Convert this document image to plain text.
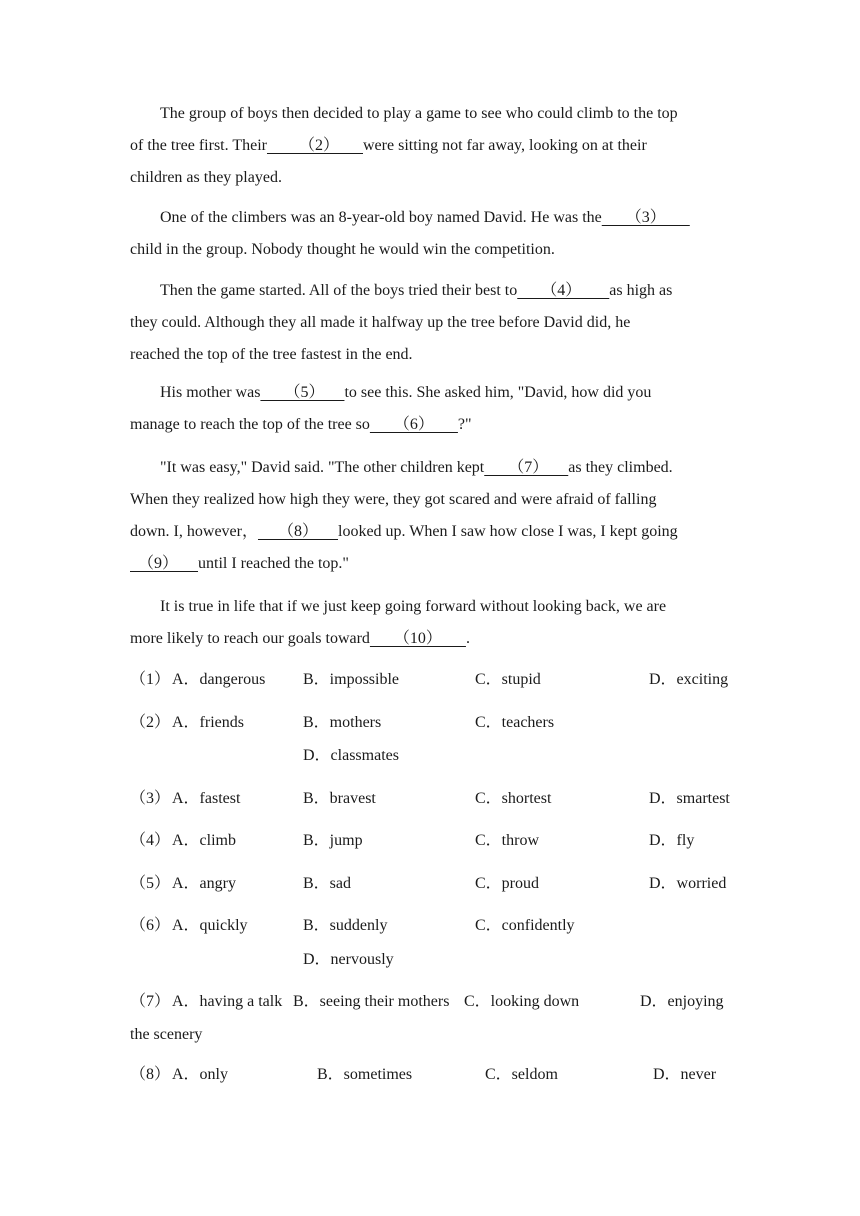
The group of boys then decided to play a game to see who could climb to the top
of the tree first. Their        （2）      were sitting not far away, looking on at their
children as they played.

One of the climbers was an 8-year-old boy named David. He was the      （3）
child in the group. Nobody thought he would win the competition.

Then the game started. All of the boys tried their best to      （4）       as high as
they could. Although they all made it halfway up the tree before David did, he
reached the top of the tree fastest in the end.

His mother was      （5）     to see this. She asked him, "David, how did you
manage to reach the top of the tree so      （6）      ?"

"It was easy," David said. "The other children kept      （7）     as they climbed.
When they realized how high they were, they got scared and were afraid of falling
down. I, however，     （8）     looked up. When I saw how close I was, I kept going
（9）     until I reached the top."

It is true in life that if we just keep going forward without looking back, we are
more likely to reach our goals toward      （10）      .

（1） A．dangerous B．impossible	C．stupid	D．exciting
（2） A．friends	B．mothers	C．teachers
D．classmates
（3） A．fastest	B．bravest	C．shortest	D．smartest
（4） A．climb	B．jump	C．throw	D．fly
（5） A．angry	B．sad	C．proud	D．worried
（6） A．quickly	B．suddenly	C．confidently
D．nervously
（7） A．having a talk B．seeing their mothers C．looking down	D．enjoying
the scenery
（8） A．only	B．sometimes	C．seldom	D．never
